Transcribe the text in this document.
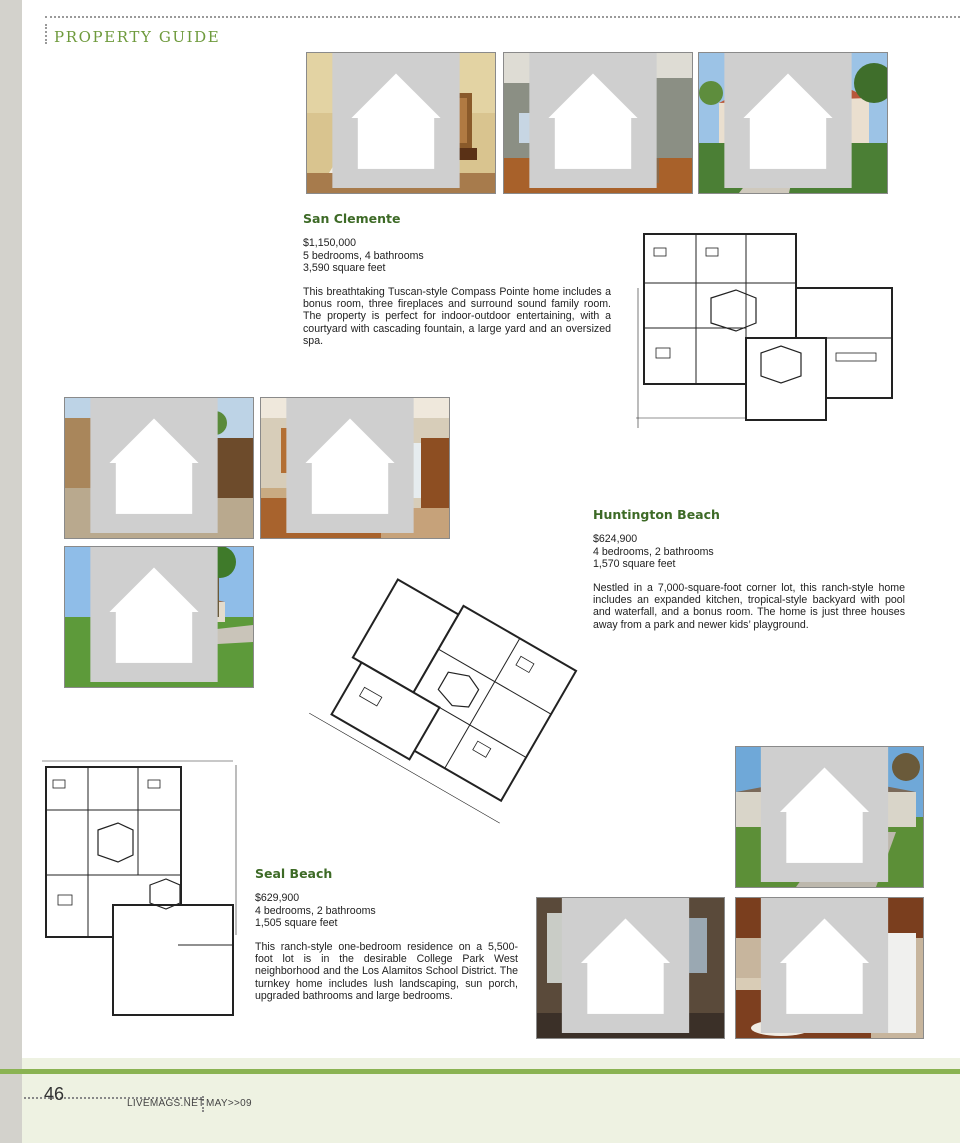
PROPERTY GUIDE
San Clemente
$1,150,000
5 bedrooms, 4 bathrooms
3,590 square feet

This breathtaking Tuscan-style Compass Pointe home includes a bonus room, three fireplaces and surround sound family room. The property is perfect for indoor-outdoor entertaining, with a courtyard with cascading fountain, a large yard and an oversized spa.

Huntington Beach
$624,900
4 bedrooms, 2 bathrooms
1,570 square feet

Nestled in a 7,000-square-foot corner lot, this ranch-style home includes an expanded kitchen, tropical-style backyard with pool and waterfall, and a bonus room. The home is just three houses away from a park and newer kids’ playground.

Seal Beach
$629,900
4 bedrooms, 2 bathrooms
1,505 square feet

This ranch-style one-bedroom residence on a 5,500-foot lot is in the desirable College Park West neighborhood and the Los Alamitos School District. The turnkey home includes lush landscaping, sun porch, upgraded bathrooms and large bedrooms.

46	LIVEMAGS.NET MAY>>09
